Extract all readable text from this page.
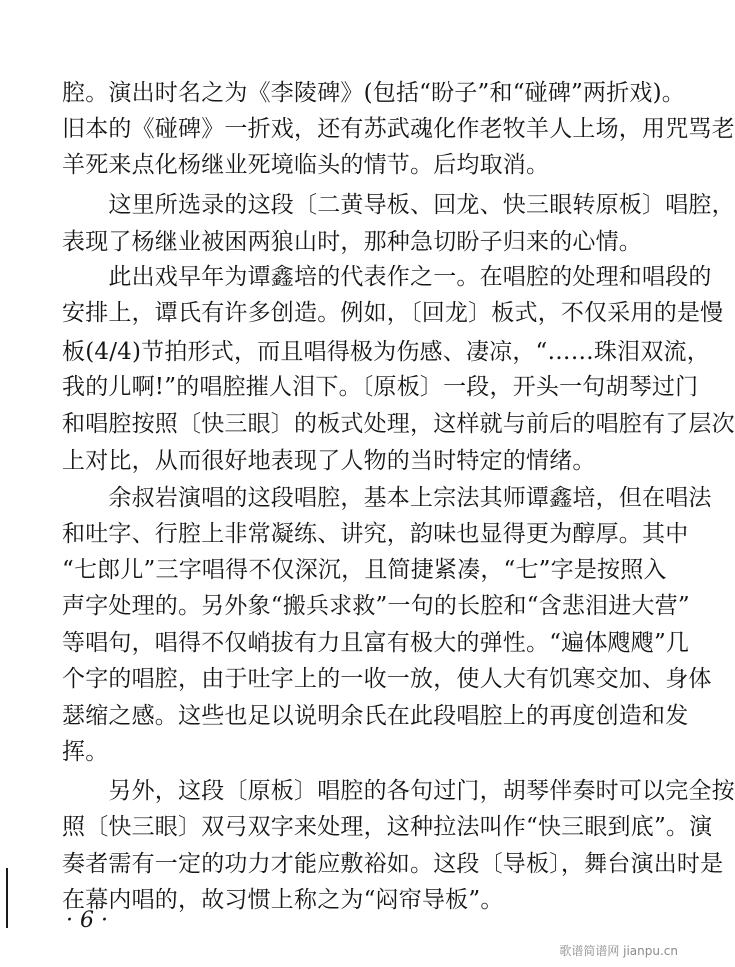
腔。演出时名之为《李陵碑》(包括“盼子”和“碰碑”两折戏)。
旧本的《碰碑》一折戏，还有苏武魂化作老牧羊人上场，用咒骂老
羊死来点化杨继业死境临头的情节。后均取消。
　　这里所选录的这段〔二黄导板、回龙、快三眼转原板〕唱腔，
表现了杨继业被困两狼山时，那种急切盼子归来的心情。
　　此出戏早年为谭鑫培的代表作之一。在唱腔的处理和唱段的
安排上，谭氏有许多创造。例如，〔回龙〕板式，不仅采用的是慢
板(4/4)节拍形式，而且唱得极为伤感、凄凉，“……珠泪双流，
我的儿啊!”的唱腔摧人泪下。〔原板〕一段，开头一句胡琴过门
和唱腔按照〔快三眼〕的板式处理，这样就与前后的唱腔有了层次
上对比，从而很好地表现了人物的当时特定的情绪。
　　余叔岩演唱的这段唱腔，基本上宗法其师谭鑫培，但在唱法
和吐字、行腔上非常凝练、讲究，韵味也显得更为醇厚。其中
“七郎儿”三字唱得不仅深沉，且简捷紧凑，“七”字是按照入
声字处理的。另外象“搬兵求救”一句的长腔和“含悲泪进大营”
等唱句，唱得不仅峭拔有力且富有极大的弹性。“遍体飕飕”几
个字的唱腔，由于吐字上的一收一放，使人大有饥寒交加、身体
瑟缩之感。这些也足以说明余氏在此段唱腔上的再度创造和发
挥。
　　另外，这段〔原板〕唱腔的各句过门，胡琴伴奏时可以完全按
照〔快三眼〕双弓双字来处理，这种拉法叫作“快三眼到底”。演
奏者需有一定的功力才能应敷裕如。这段〔导板〕，舞台演出时是
在幕内唱的，故习惯上称之为“闷帘导板”。
· 6 ·
歌谱简谱网 jianpu.cn
